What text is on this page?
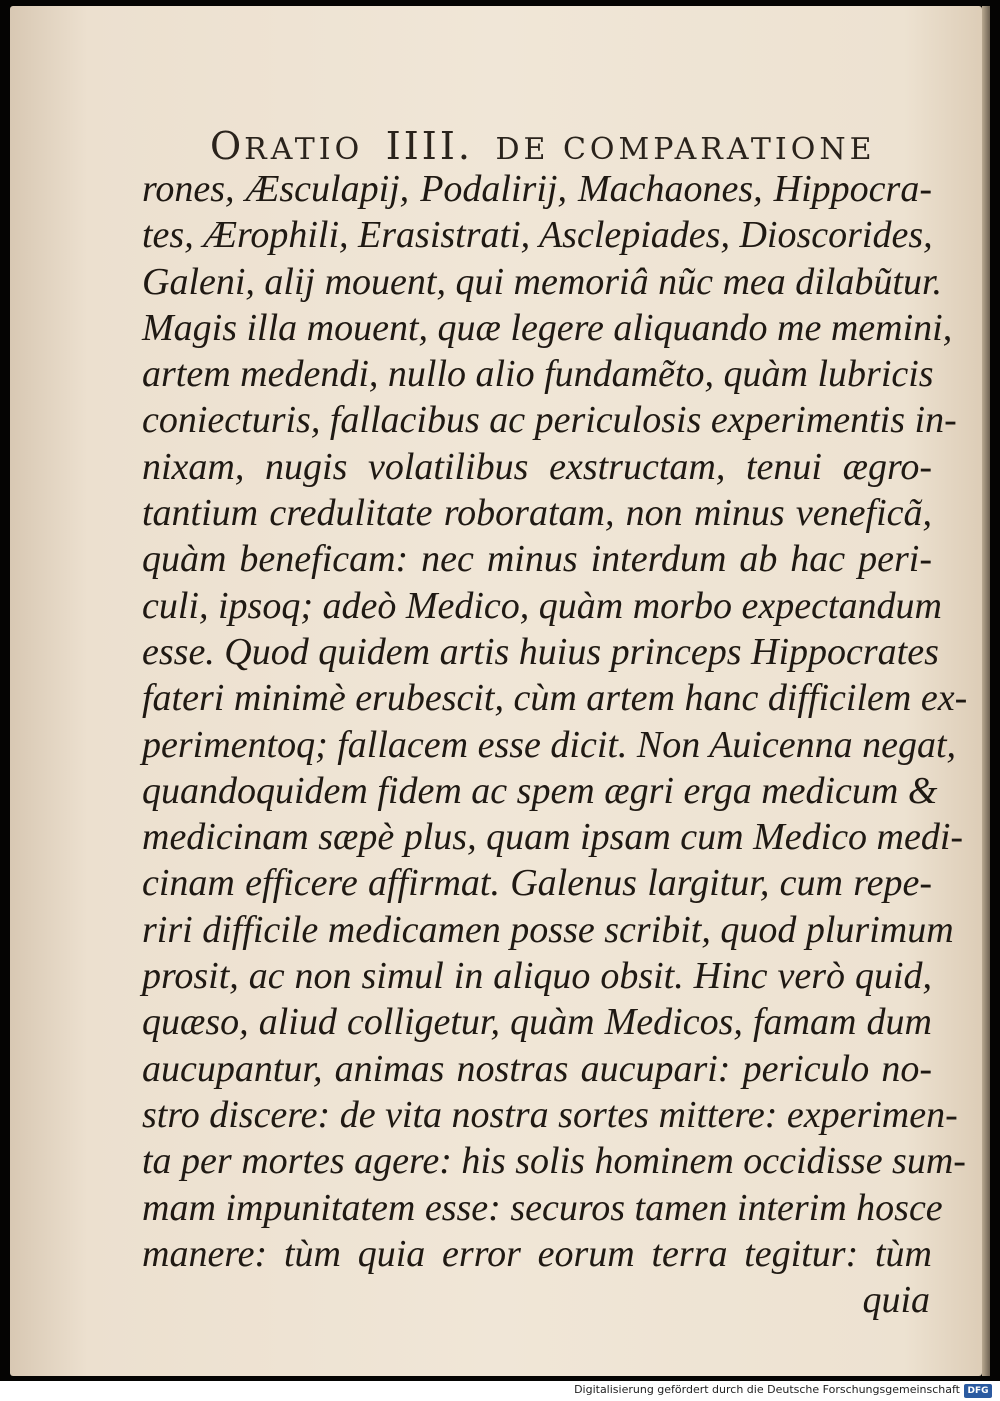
ORATIO IIII. DE COMPARATIONE
rones, Æsculapij, Podalirij, Machaones, Hippocra-
tes, Ærophili, Erasistrati, Asclepiades, Dioscorides,
Galeni, alij mouent, qui memoriâ nũc mea dilabũtur.
Magis illa mouent, quæ legere aliquando me memini,
artem medendi, nullo alio fundamẽto, quàm lubricis
coniecturis, fallacibus ac periculosis experimentis in-
nixam, nugis volatilibus exstructam, tenui ægro-
tantium credulitate roboratam, non minus veneficã,
quàm beneficam: nec minus interdum ab hac peri-
culi, ipsoq; adeò Medico, quàm morbo expectandum
esse. Quod quidem artis huius princeps Hippocrates
fateri minimè erubescit, cùm artem hanc difficilem ex-
perimentoq; fallacem esse dicit. Non Auicenna negat,
quandoquidem fidem ac spem ægri erga medicum &
medicinam sæpè plus, quam ipsam cum Medico medi-
cinam efficere affirmat. Galenus largitur, cum repe-
riri difficile medicamen posse scribit, quod plurimum
prosit, ac non simul in aliquo obsit. Hinc verò quid,
quæso, aliud colligetur, quàm Medicos, famam dum
aucupantur, animas nostras aucupari: periculo no-
stro discere: de vita nostra sortes mittere: experimen-
ta per mortes agere: his solis hominem occidisse sum-
mam impunitatem esse: securos tamen interim hosce
manere: tùm quia error eorum terra tegitur: tùm
quia
Digitalisierung gefördert durch die Deutsche Forschungsgemeinschaft DFG
